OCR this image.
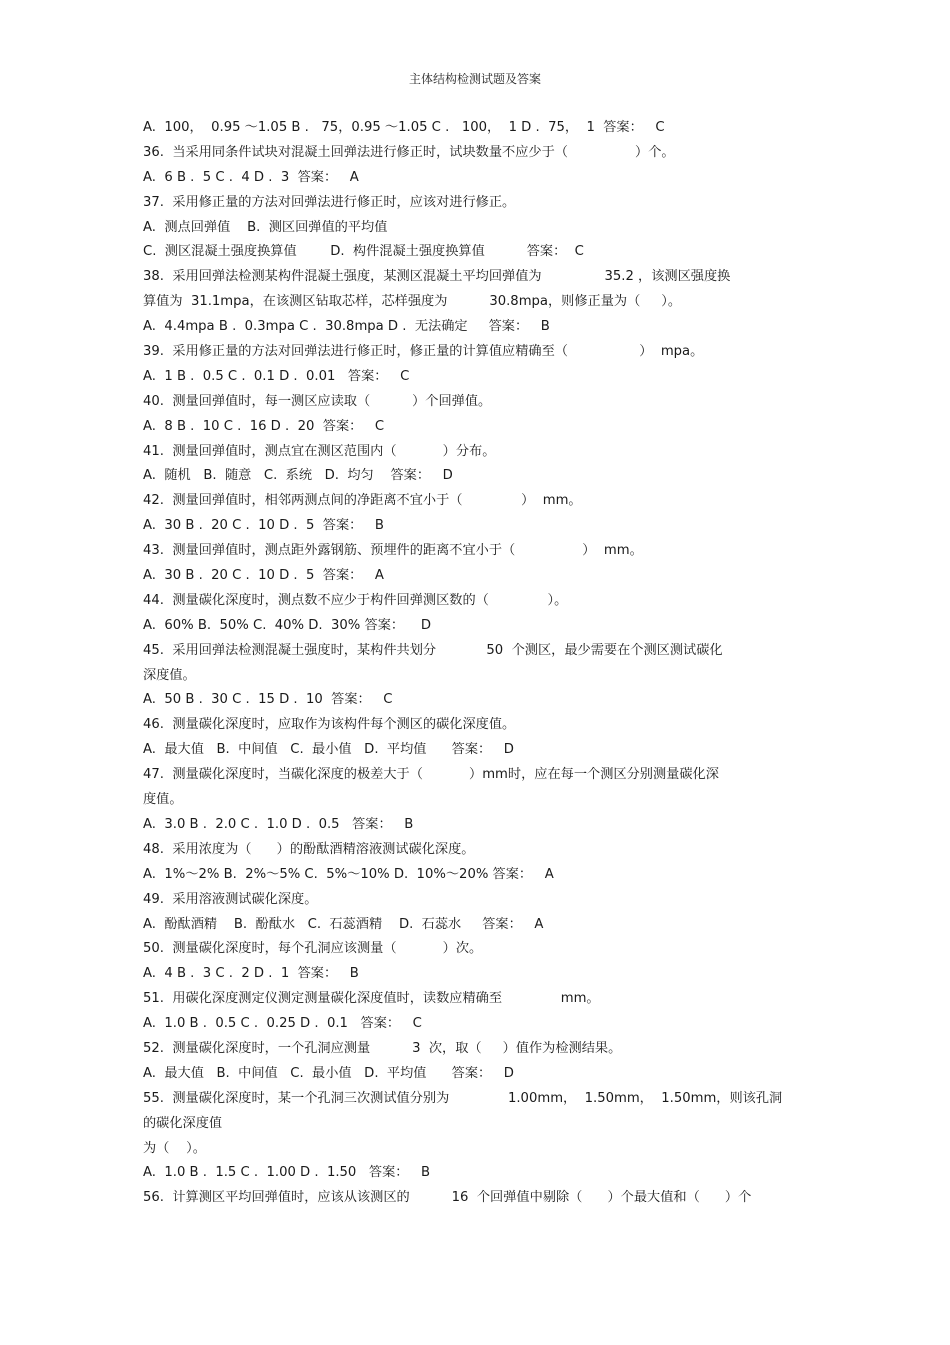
主体结构检测试题及答案
A.  100，  0.95 ～1.05 B .   75，0.95 ～1.05 C .   100，  1 D .  75，  1  答案：   C
36.  当采用同条件试块对混凝土回弹法进行修正时，试块数量不应少于（                ）个。
A.  6 B .  5 C .  4 D .  3  答案：   A
37.  采用修正量的方法对回弹法进行修正时，应该对进行修正。
A.  测点回弹值    B.  测区回弹值的平均值
C.  测区混凝土强度换算值        D.  构件混凝土强度换算值          答案：  C
38.  采用回弹法检测某构件混凝土强度，某测区混凝土平均回弹值为               35.2 ，该测区强度换
算值为  31.1mpa，在该测区钻取芯样，芯样强度为          30.8mpa，则修正量为（     ）。
A.  4.4mpa B .  0.3mpa C .  30.8mpa D .  无法确定     答案：   B
39.  采用修正量的方法对回弹法进行修正时，修正量的计算值应精确至（                 ）  mpa。
A.  1 B .  0.5 C .  0.1 D .  0.01   答案：   C
40.  测量回弹值时，每一测区应读取（          ）个回弹值。
A.  8 B .  10 C .  16 D .  20  答案：   C
41.  测量回弹值时，测点宜在测区范围内（           ）分布。
A.  随机   B.  随意   C.  系统   D.  均匀    答案：   D
42.  测量回弹值时，相邻两测点间的净距离不宜小于（              ）  mm。
A.  30 B .  20 C .  10 D .  5  答案：   B
43.  测量回弹值时，测点距外露钢筋、预埋件的距离不宜小于（                ）  mm。
A.  30 B .  20 C .  10 D .  5  答案：   A
44.  测量碳化深度时，测点数不应少于构件回弹测区数的（              ）。
A.  60% B.  50% C.  40% D.  30% 答案：    D
45.  采用回弹法检测混凝土强度时，某构件共划分            50  个测区，最少需要在个测区测试碳化
深度值。
A.  50 B .  30 C .  15 D .  10  答案：   C
46.  测量碳化深度时，应取作为该构件每个测区的碳化深度值。
A.  最大值   B.  中间值   C.  最小值   D.  平均值      答案：   D
47.  测量碳化深度时，当碳化深度的极差大于（           ）mm时，应在每一个测区分别测量碳化深
度值。
A.  3.0 B .  2.0 C .  1.0 D .  0.5   答案：   B
48.  采用浓度为（      ）的酚酞酒精溶液测试碳化深度。
A.  1%～2% B.  2%～5% C.  5%～10% D.  10%～20% 答案：   A
49.  采用溶液测试碳化深度。
A.  酚酞酒精    B.  酚酞水   C.  石蕊酒精    D.  石蕊水     答案：   A
50.  测量碳化深度时，每个孔洞应该测量（           ）次。
A.  4 B .  3 C .  2 D .  1  答案：   B
51.  用碳化深度测定仪测定测量碳化深度值时，读数应精确至              mm。
A.  1.0 B .  0.5 C .  0.25 D .  0.1   答案：   C
52.  测量碳化深度时，一个孔洞应测量          3  次，取（     ）值作为检测结果。
A.  最大值   B.  中间值   C.  最小值   D.  平均值      答案：   D
55.  测量碳化深度时，某一个孔洞三次测试值分别为              1.00mm，  1.50mm，  1.50mm，则该孔洞
的碳化深度值
为（    ）。
A.  1.0 B .  1.5 C .  1.00 D .  1.50   答案：   B
56.  计算测区平均回弹值时，应该从该测区的          16  个回弹值中剔除（      ）个最大值和（      ）个
